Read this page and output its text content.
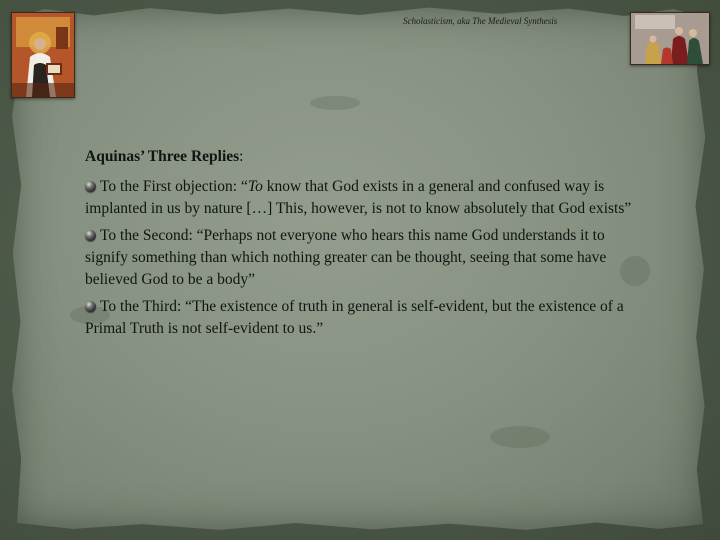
Scholasticism, aka The Medieval Synthesis

Aquinas’ Three Replies:

To the First objection: “To know that God exists in a general and confused way is implanted in us by nature […] This, however, is not to know absolutely that God exists”

To the Second: “Perhaps not everyone who hears this name God understands it to signify something than which nothing greater can be thought, seeing that some have believed God to be a body”

To the Third: “The existence of truth in general is self-evident, but the existence of a Primal Truth is not self-evident to us.”
